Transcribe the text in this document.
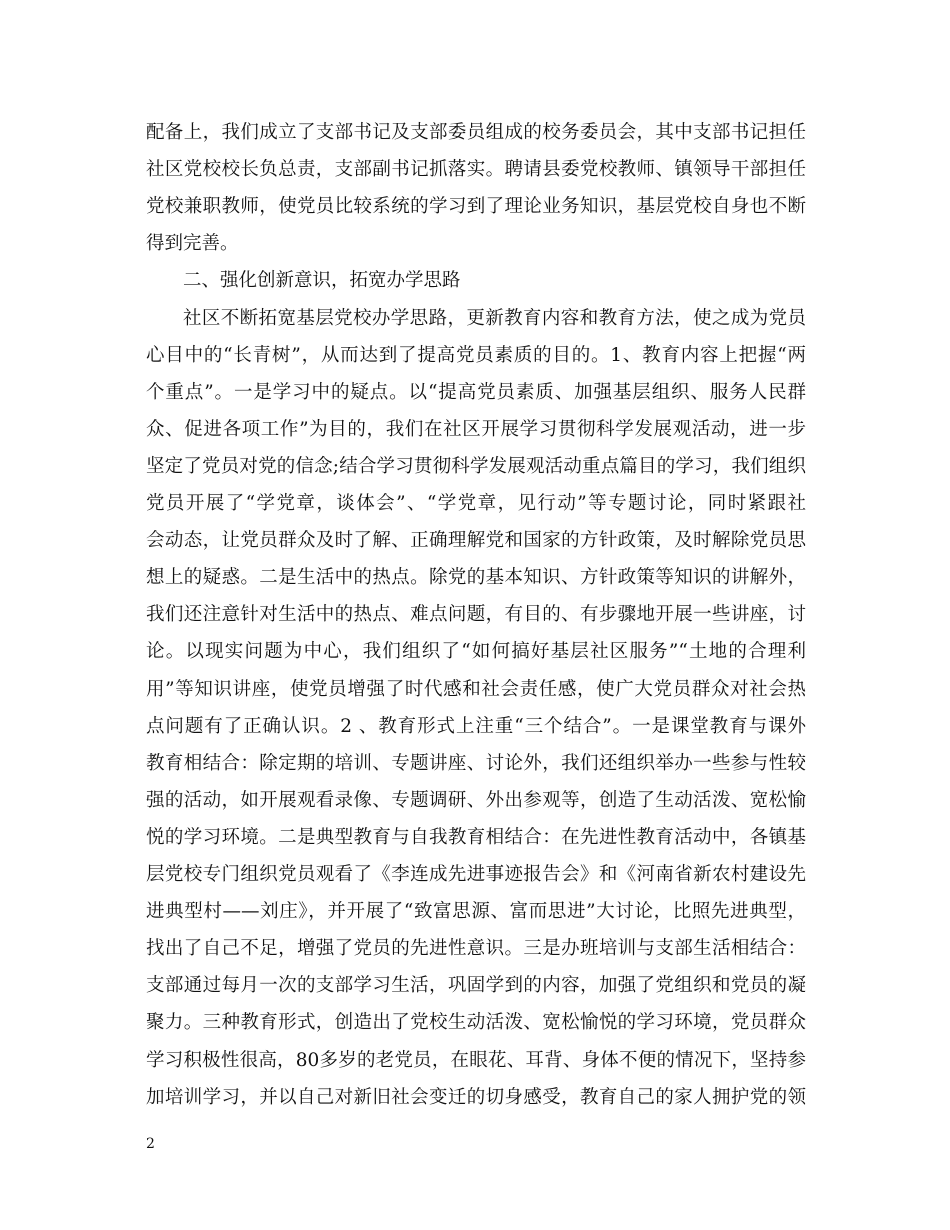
配备上，我们成立了支部书记及支部委员组成的校务委员会，其中支部书记担任
社区党校校长负总责，支部副书记抓落实。聘请县委党校教师、镇领导干部担任
党校兼职教师，使党员比较系统的学习到了理论业务知识，基层党校自身也不断
得到完善。
二、强化创新意识，拓宽办学思路
社区不断拓宽基层党校办学思路，更新教育内容和教育方法，使之成为党员
心目中的“长青树”，从而达到了提高党员素质的目的。1、教育内容上把握“两
个重点”。一是学习中的疑点。以“提高党员素质、加强基层组织、服务人民群
众、促进各项工作”为目的，我们在社区开展学习贯彻科学发展观活动，进一步
坚定了党员对党的信念;结合学习贯彻科学发展观活动重点篇目的学习，我们组织
党员开展了“学党章，谈体会”、“学党章，见行动”等专题讨论，同时紧跟社
会动态，让党员群众及时了解、正确理解党和国家的方针政策，及时解除党员思
想上的疑惑。二是生活中的热点。除党的基本知识、方针政策等知识的讲解外，
我们还注意针对生活中的热点、难点问题，有目的、有步骤地开展一些讲座，讨
论。以现实问题为中心，我们组织了“如何搞好基层社区服务”“土地的合理利
用”等知识讲座，使党员增强了时代感和社会责任感，使广大党员群众对社会热
点问题有了正确认识。2 、教育形式上注重“三个结合”。一是课堂教育与课外
教育相结合：除定期的培训、专题讲座、讨论外，我们还组织举办一些参与性较
强的活动，如开展观看录像、专题调研、外出参观等，创造了生动活泼、宽松愉
悦的学习环境。二是典型教育与自我教育相结合：在先进性教育活动中，各镇基
层党校专门组织党员观看了《李连成先进事迹报告会》和《河南省新农村建设先
进典型村——刘庄》，并开展了“致富思源、富而思进”大讨论，比照先进典型，
找出了自己不足，增强了党员的先进性意识。三是办班培训与支部生活相结合：
支部通过每月一次的支部学习生活，巩固学到的内容，加强了党组织和党员的凝
聚力。三种教育形式，创造出了党校生动活泼、宽松愉悦的学习环境，党员群众
学习积极性很高，80多岁的老党员，在眼花、耳背、身体不便的情况下，坚持参
加培训学习，并以自己对新旧社会变迁的切身感受，教育自己的家人拥护党的领
2
